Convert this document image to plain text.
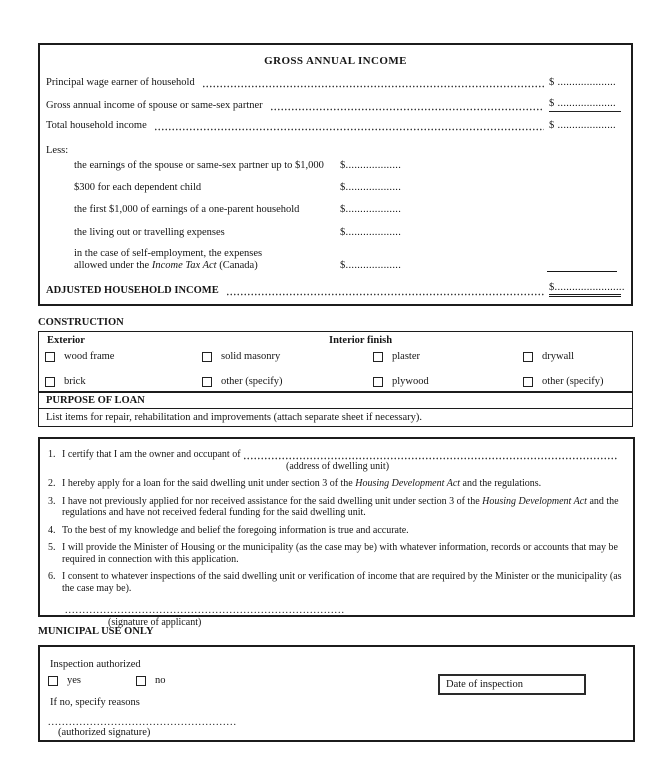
GROSS ANNUAL INCOME
Principal wage earner of household	$ ....................
Gross annual income of spouse or same-sex partner	$ ....................
Total household income	$ ....................
Less:
the earnings of the spouse or same-sex partner up to $1,000	$...................
$300 for each dependent child	$...................
the first $1,000 of earnings of a one-parent household	$...................
the living out or travelling expenses	$...................
in the case of self-employment, the expenses
allowed under the Income Tax Act (Canada)	$...................
ADJUSTED HOUSEHOLD INCOME	$........................
CONSTRUCTION
Exterior	Interior finish
wood frame	solid masonry	plaster	drywall
brick	other (specify)	plywood	other (specify)
PURPOSE OF LOAN
List items for repair, rehabilitation and improvements (attach separate sheet if necessary).
1. I certify that I am the owner and occupant of
(address of dwelling unit)
2. I hereby apply for a loan for the said dwelling unit under section 3 of the Housing Development Act and the regulations.
3. I have not previously applied for nor received assistance for the said dwelling unit under section 3 of the Housing Development Act and the regulations and have not received federal funding for the said dwelling unit.
4. To the best of my knowledge and belief the foregoing information is true and accurate.
5. I will provide the Minister of Housing or the municipality (as the case may be) with whatever information, records or accounts that may be required in connection with this application.
6. I consent to whatever inspections of the said dwelling unit or verification of income that are required by the Minister or the municipality (as the case may be).
................................................................................
(signature of applicant)
MUNICIPAL USE ONLY
Inspection authorized
yes	no	Date of inspection
If no, specify reasons
......................................................
(authorized signature)
